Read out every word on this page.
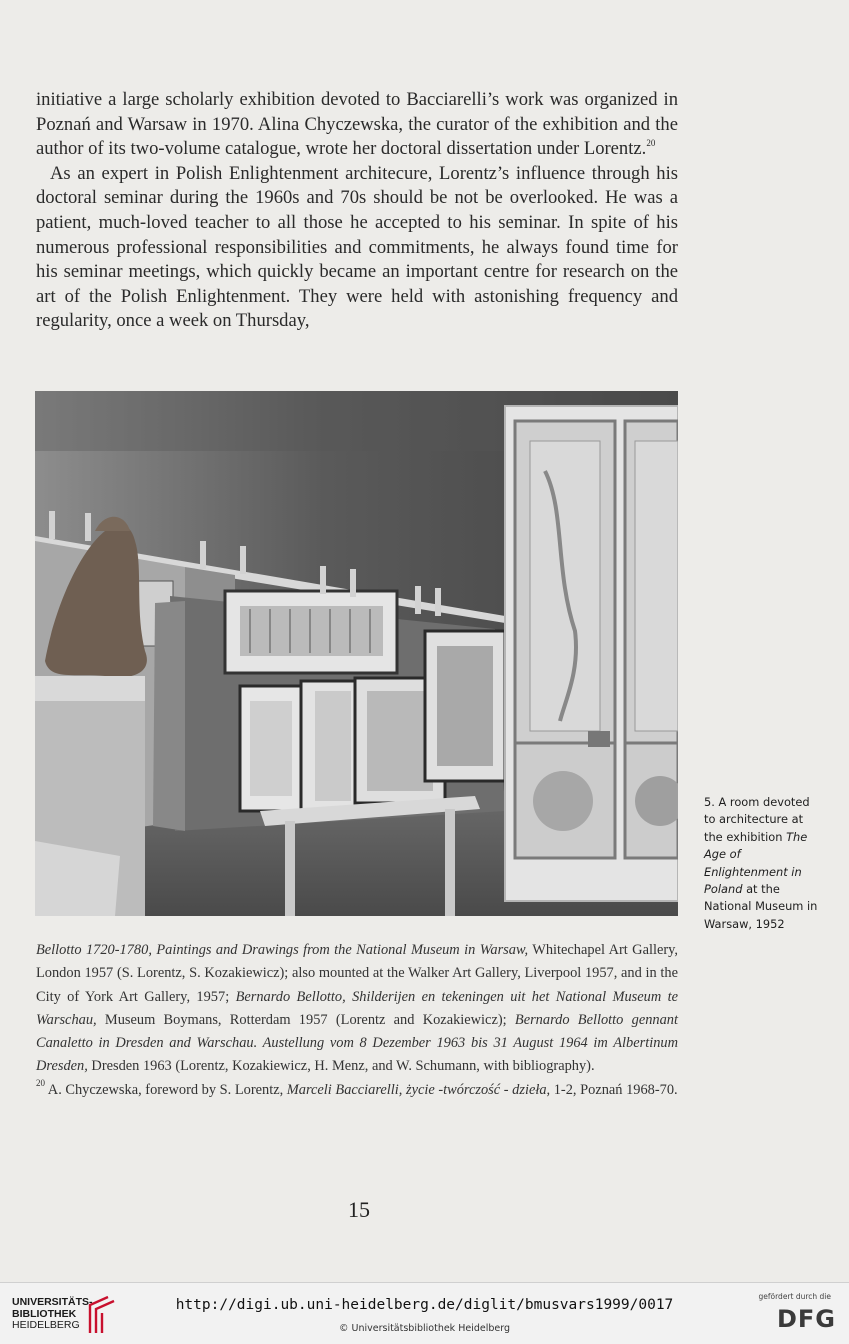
initiative a large scholarly exhibition devoted to Bacciarelli’s work was organized in Poznań and Warsaw in 1970. Alina Chyczewska, the curator of the exhibition and the author of its two-volume catalogue, wrote her doctoral dissertation under Lorentz.$^{20}$

As an expert in Polish Enlightenment architecure, Lorentz’s influence through his doctoral seminar during the 1960s and 70s should be not be overlooked. He was a patient, much-loved teacher to all those he accepted to his seminar. In spite of his numerous professional responsibilities and commitments, he always found time for his seminar meetings, which quickly became an important centre for research on the art of the Polish Enlightenment. They were held with astonishing frequency and regularity, once a week on Thursday,

5. A room devoted to architecture at the exhibition The Age of Enlightenment in Poland at the National Museum in Warsaw, 1952

Bellotto 1720-1780, Paintings and Drawings from the National Museum in Warsaw, Whitechapel Art Gallery, London 1957 (S. Lorentz, S. Kozakiewicz); also mounted at the Walker Art Gallery, Liverpool 1957, and in the City of York Art Gallery, 1957; Bernardo Bellotto, Shilderijen en tekeningen uit het National Museum te Warschau, Museum Boymans, Rotterdam 1957 (Lorentz and Kozakiewicz); Bernardo Bellotto gennant Canaletto in Dresden and Warschau. Austellung vom 8 Dezember 1963 bis 31 August 1964 im Albertinum Dresden, Dresden 1963 (Lorentz, Kozakiewicz, H. Menz, and W. Schumann, with bibliography).

$^{20}$ A. Chyczewska, foreword by S. Lorentz, Marceli Bacciarelli, życie -twórczość - dzieła, 1-2, Poznań 1968-70.

15
UNIVERSITÄTS-
BIBLIOTHEK
HEIDELBERG
http://digi.ub.uni-heidelberg.de/diglit/bmusvars1999/0017
© Universitätsbibliothek Heidelberg
gefördert durch die
DFG
